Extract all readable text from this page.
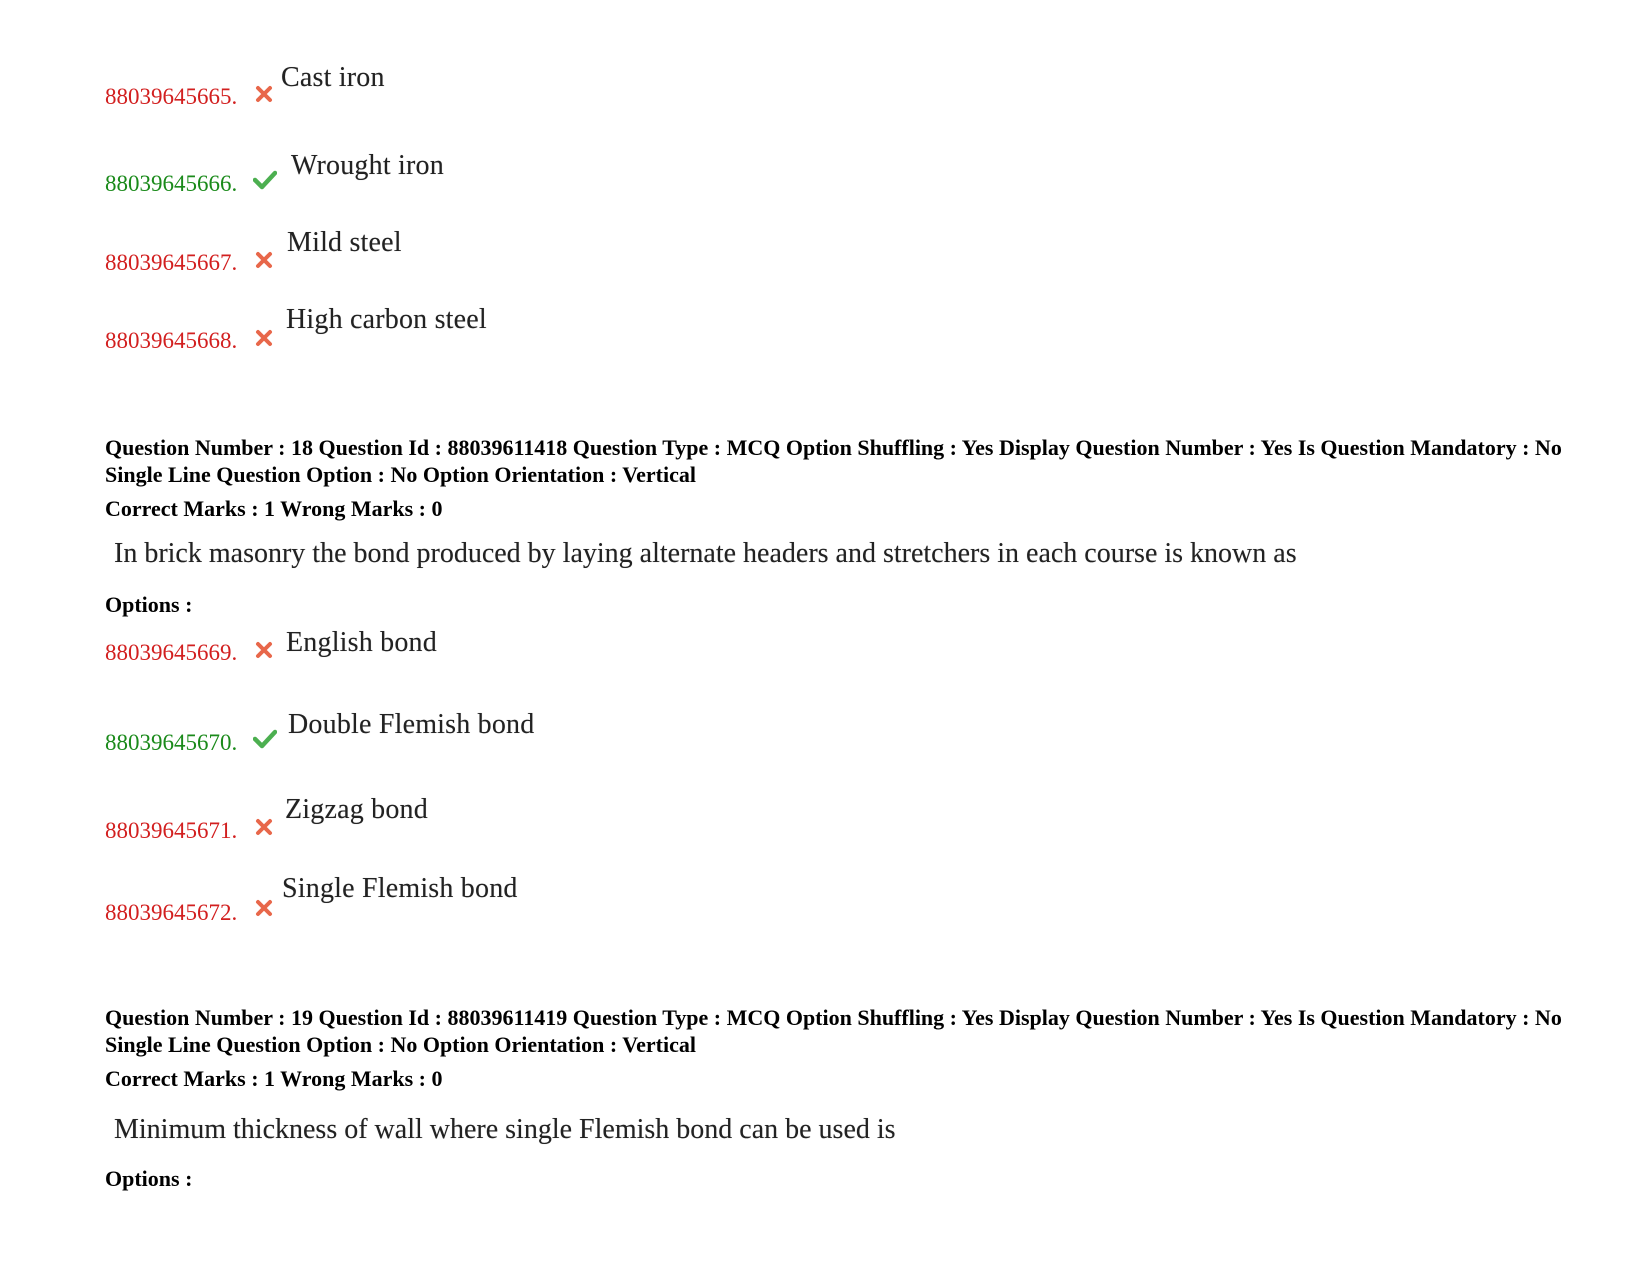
88039645665.
Cast iron
88039645666.
Wrought iron
88039645667.
Mild steel
88039645668.
High carbon steel
Question Number : 18 Question Id : 88039611418 Question Type : MCQ Option Shuffling : Yes Display Question Number : Yes Is Question Mandatory : No Single Line Question Option : No Option Orientation : Vertical
Correct Marks : 1 Wrong Marks : 0
In brick masonry the bond produced by laying alternate headers and stretchers in each course is known as
Options :
88039645669. English bond
88039645670.
Double Flemish bond
88039645671.
Zigzag bond
88039645672.
Single Flemish bond
Question Number : 19 Question Id : 88039611419 Question Type : MCQ Option Shuffling : Yes Display Question Number : Yes Is Question Mandatory : No Single Line Question Option : No Option Orientation : Vertical
Correct Marks : 1 Wrong Marks : 0
Minimum thickness of wall where single Flemish bond can be used is
Options :
